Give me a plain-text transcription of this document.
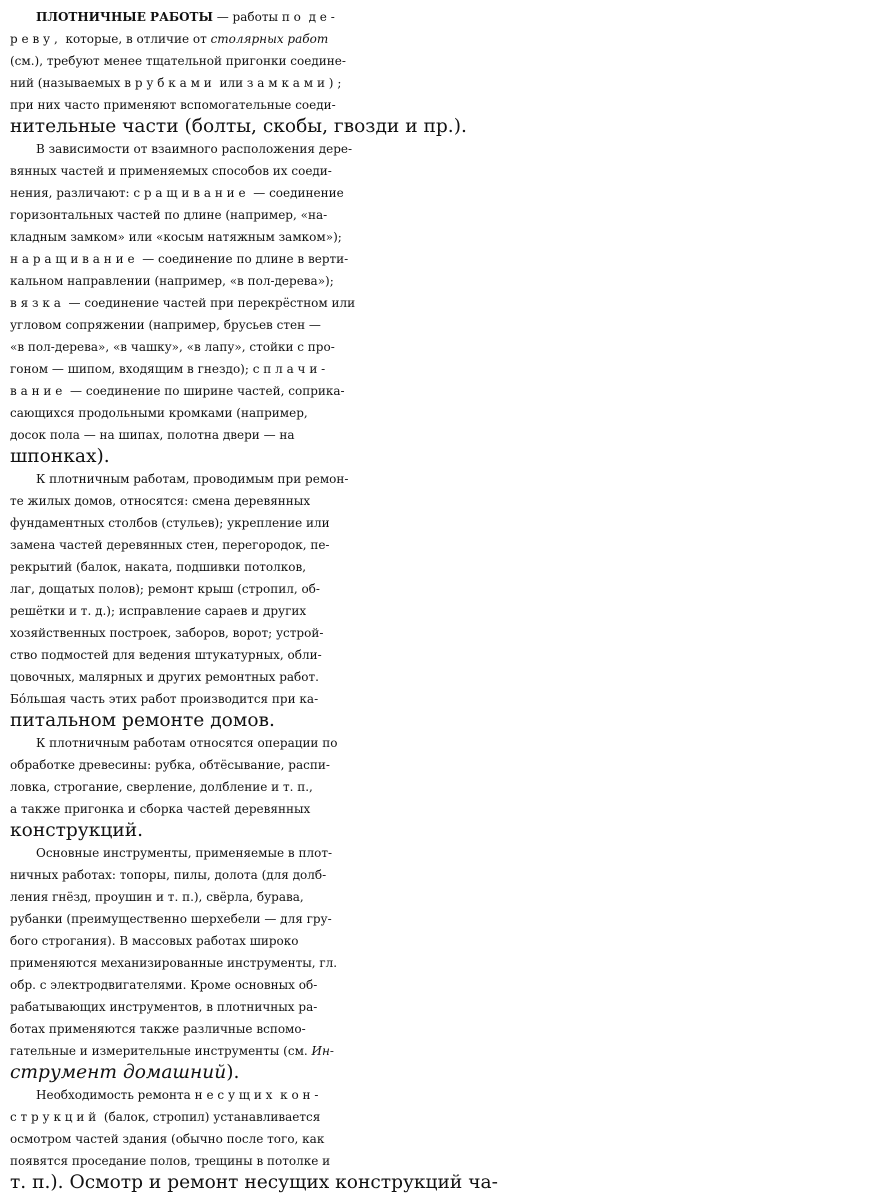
ПЛОТНИЧНЫЕ РАБОТЫ — работы по де-
реву, которые, в отличие от столярных работ
(см.), требуют менее тщательной пригонки соедине-
ний (называемых врубками или замками);
при них часто применяют вспомогательные соеди-
нительные части (болты, скобы, гвозди и пр.).
В зависимости от взаимного расположения дере-
вянных частей и применяемых способов их соеди-
нения, различают: сращивание — соединение
горизонтальных частей по длине (например, «на-
кладным замком» или «косым натяжным замком»);
наращивание — соединение по длине в верти-
кальном направлении (например, «в пол-дерева»);
вязка — соединение частей при перекрёстном или
угловом сопряжении (например, брусьев стен —
«в пол-дерева», «в чашку», «в лапу», стойки с про-
гоном — шипом, входящим в гнездо); сплачи-
вание — соединение по ширине частей, соприка-
сающихся продольными кромками (например,
досок пола — на шипах, полотна двери — на
шпонках).
К плотничным работам, проводимым при ремон-
те жилых домов, относятся: смена деревянных
фундаментных столбов (стульев); укрепление или
замена частей деревянных стен, перегородок, пе-
рекрытий (балок, наката, подшивки потолков,
лаг, дощатых полов); ремонт крыш (стропил, об-
решётки и т. д.); исправление сараев и других
хозяйственных построек, заборов, ворот; устрой-
ство подмостей для ведения штукатурных, обли-
цовочных, малярных и других ремонтных работ.
Бóльшая часть этих работ производится при ка-
питальном ремонте домов.
К плотничным работам относятся операции по
обработке древесины: рубка, обтёсывание, распи-
ловка, строгание, сверление, долбление и т. п.,
а также пригонка и сборка частей деревянных
конструкций.
Основные инструменты, применяемые в плот-
ничных работах: топоры, пилы, долота (для долб-
ления гнёзд, проушин и т. п.), свёрла, бурава,
рубанки (преимущественно шерхебели — для гру-
бого строгания). В массовых работах широко
применяются механизированные инструменты, гл.
обр. с электродвигателями. Кроме основных об-
рабатывающих инструментов, в плотничных ра-
ботах применяются также различные вспомо-
гательные и измерительные инструменты (см. Ин-
струмент домашний).
Необходимость ремонта несущих кон-
струкций (балок, стропил) устанавливается
осмотром частей здания (обычно после того, как
появятся проседание полов, трещины в потолке и
т. п.). Осмотр и ремонт несущих конструкций ча-
